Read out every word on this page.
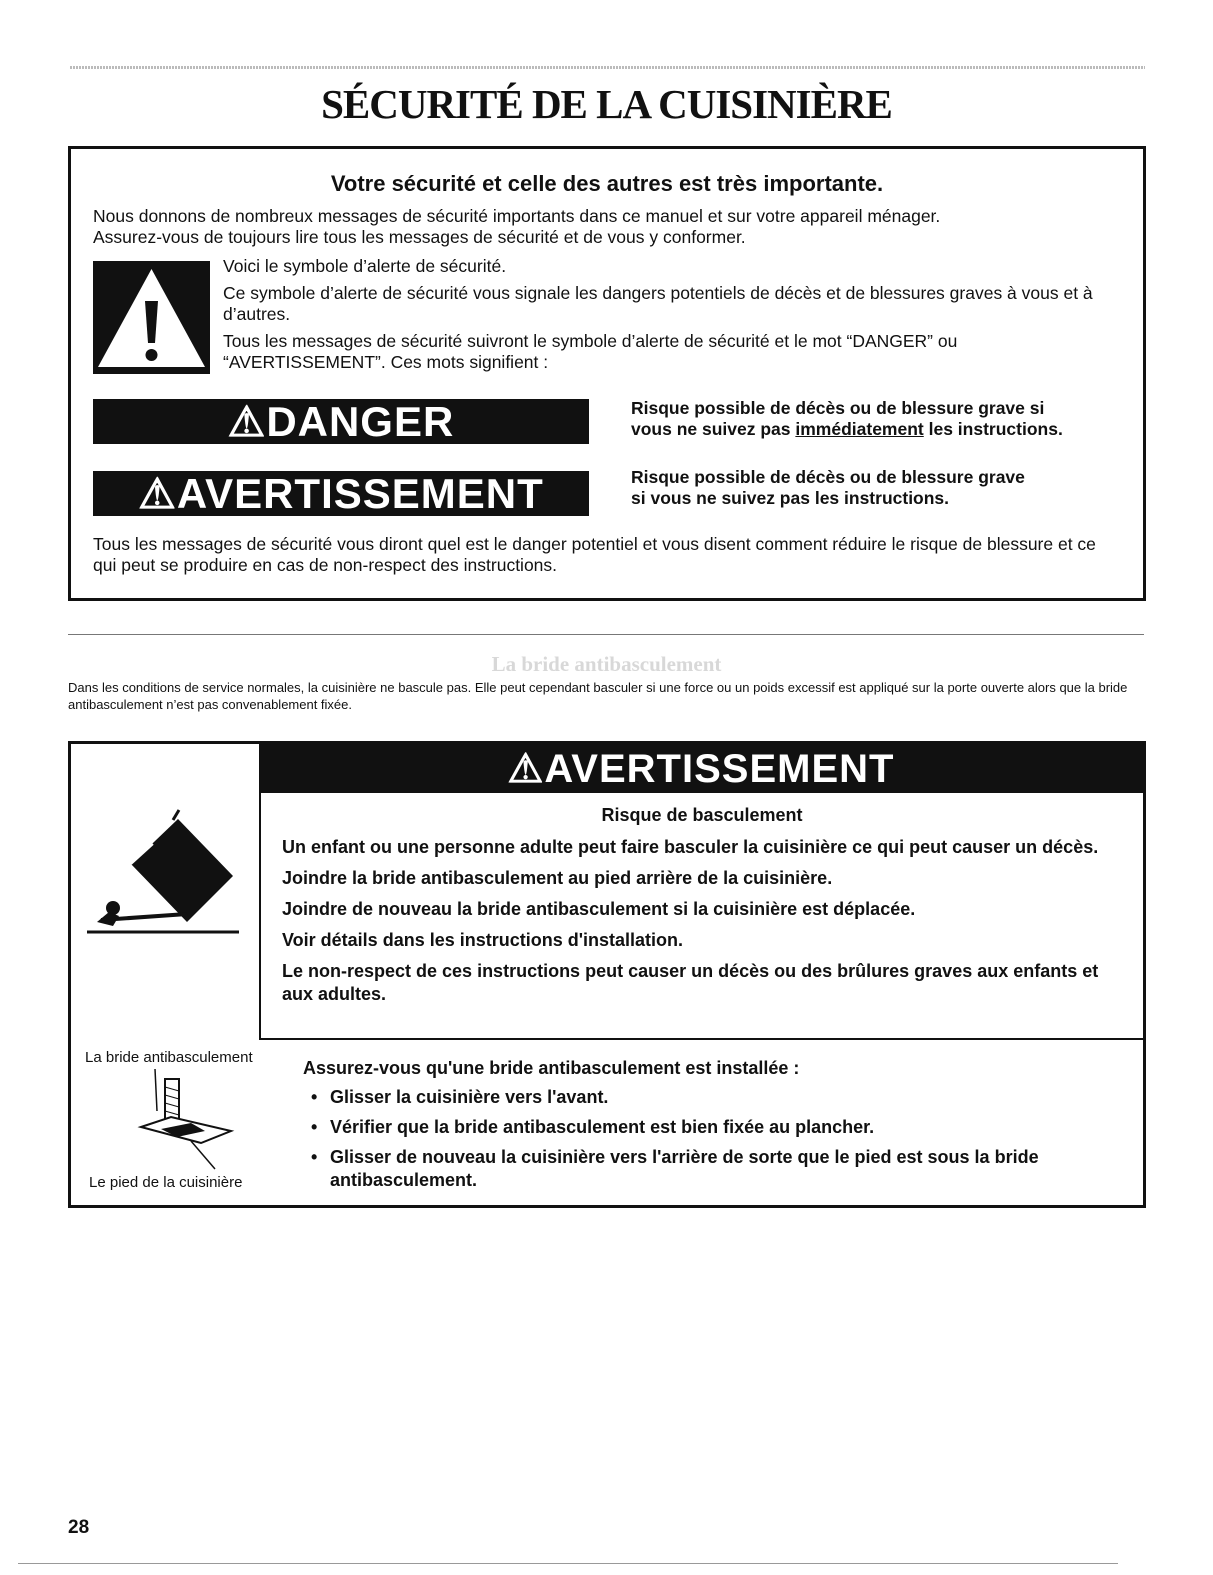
SÉCURITÉ DE LA CUISINIÈRE
Votre sécurité et celle des autres est très importante.

Nous donnons de nombreux messages de sécurité importants dans ce manuel et sur votre appareil ménager.

Assurez-vous de toujours lire tous les messages de sécurité et de vous y conformer.

Voici le symbole d’alerte de sécurité.

Ce symbole d’alerte de sécurité vous signale les dangers potentiels de décès et de blessures graves à vous et à d’autres.

Tous les messages de sécurité suivront le symbole d’alerte de sécurité et le mot “DANGER” ou “AVERTISSEMENT”. Ces mots signifient :

⚠DANGER	Risque possible de décès ou de blessure grave si

vous ne suivez pas immédiatement les instructions.

⚠AVERTISSEMENT	Risque possible de décès ou de blessure grave

si vous ne suivez pas les instructions.

Tous les messages de sécurité vous diront quel est le danger potentiel et vous disent comment réduire le risque de blessure et ce qui peut se produire en cas de non-respect des instructions.

La bride antibasculement

Dans les conditions de service normales, la cuisinière ne bascule pas. Elle peut cependant basculer si une force ou un poids excessif est appliqué sur la porte ouverte alors que la bride antibasculement n’est pas convenablement fixée.

⚠AVERTISSEMENT

Risque de basculement

Un enfant ou une personne adulte peut faire basculer la cuisinière ce qui peut causer un décès.

Joindre la bride antibasculement au pied arrière de la cuisinière.

Joindre de nouveau la bride antibasculement si la cuisinière est déplacée.

Voir détails dans les instructions d'installation.

Le non-respect de ces instructions peut causer un décès ou des brûlures graves aux enfants et aux adultes.

La bride antibasculement
Le pied de la cuisinière

Assurez-vous qu'une bride antibasculement est installée :

• Glisser la cuisinière vers l'avant.
• Vérifier que la bride antibasculement est bien fixée au plancher.
• Glisser de nouveau la cuisinière vers l'arrière de sorte que le pied est sous la bride antibasculement.
28
